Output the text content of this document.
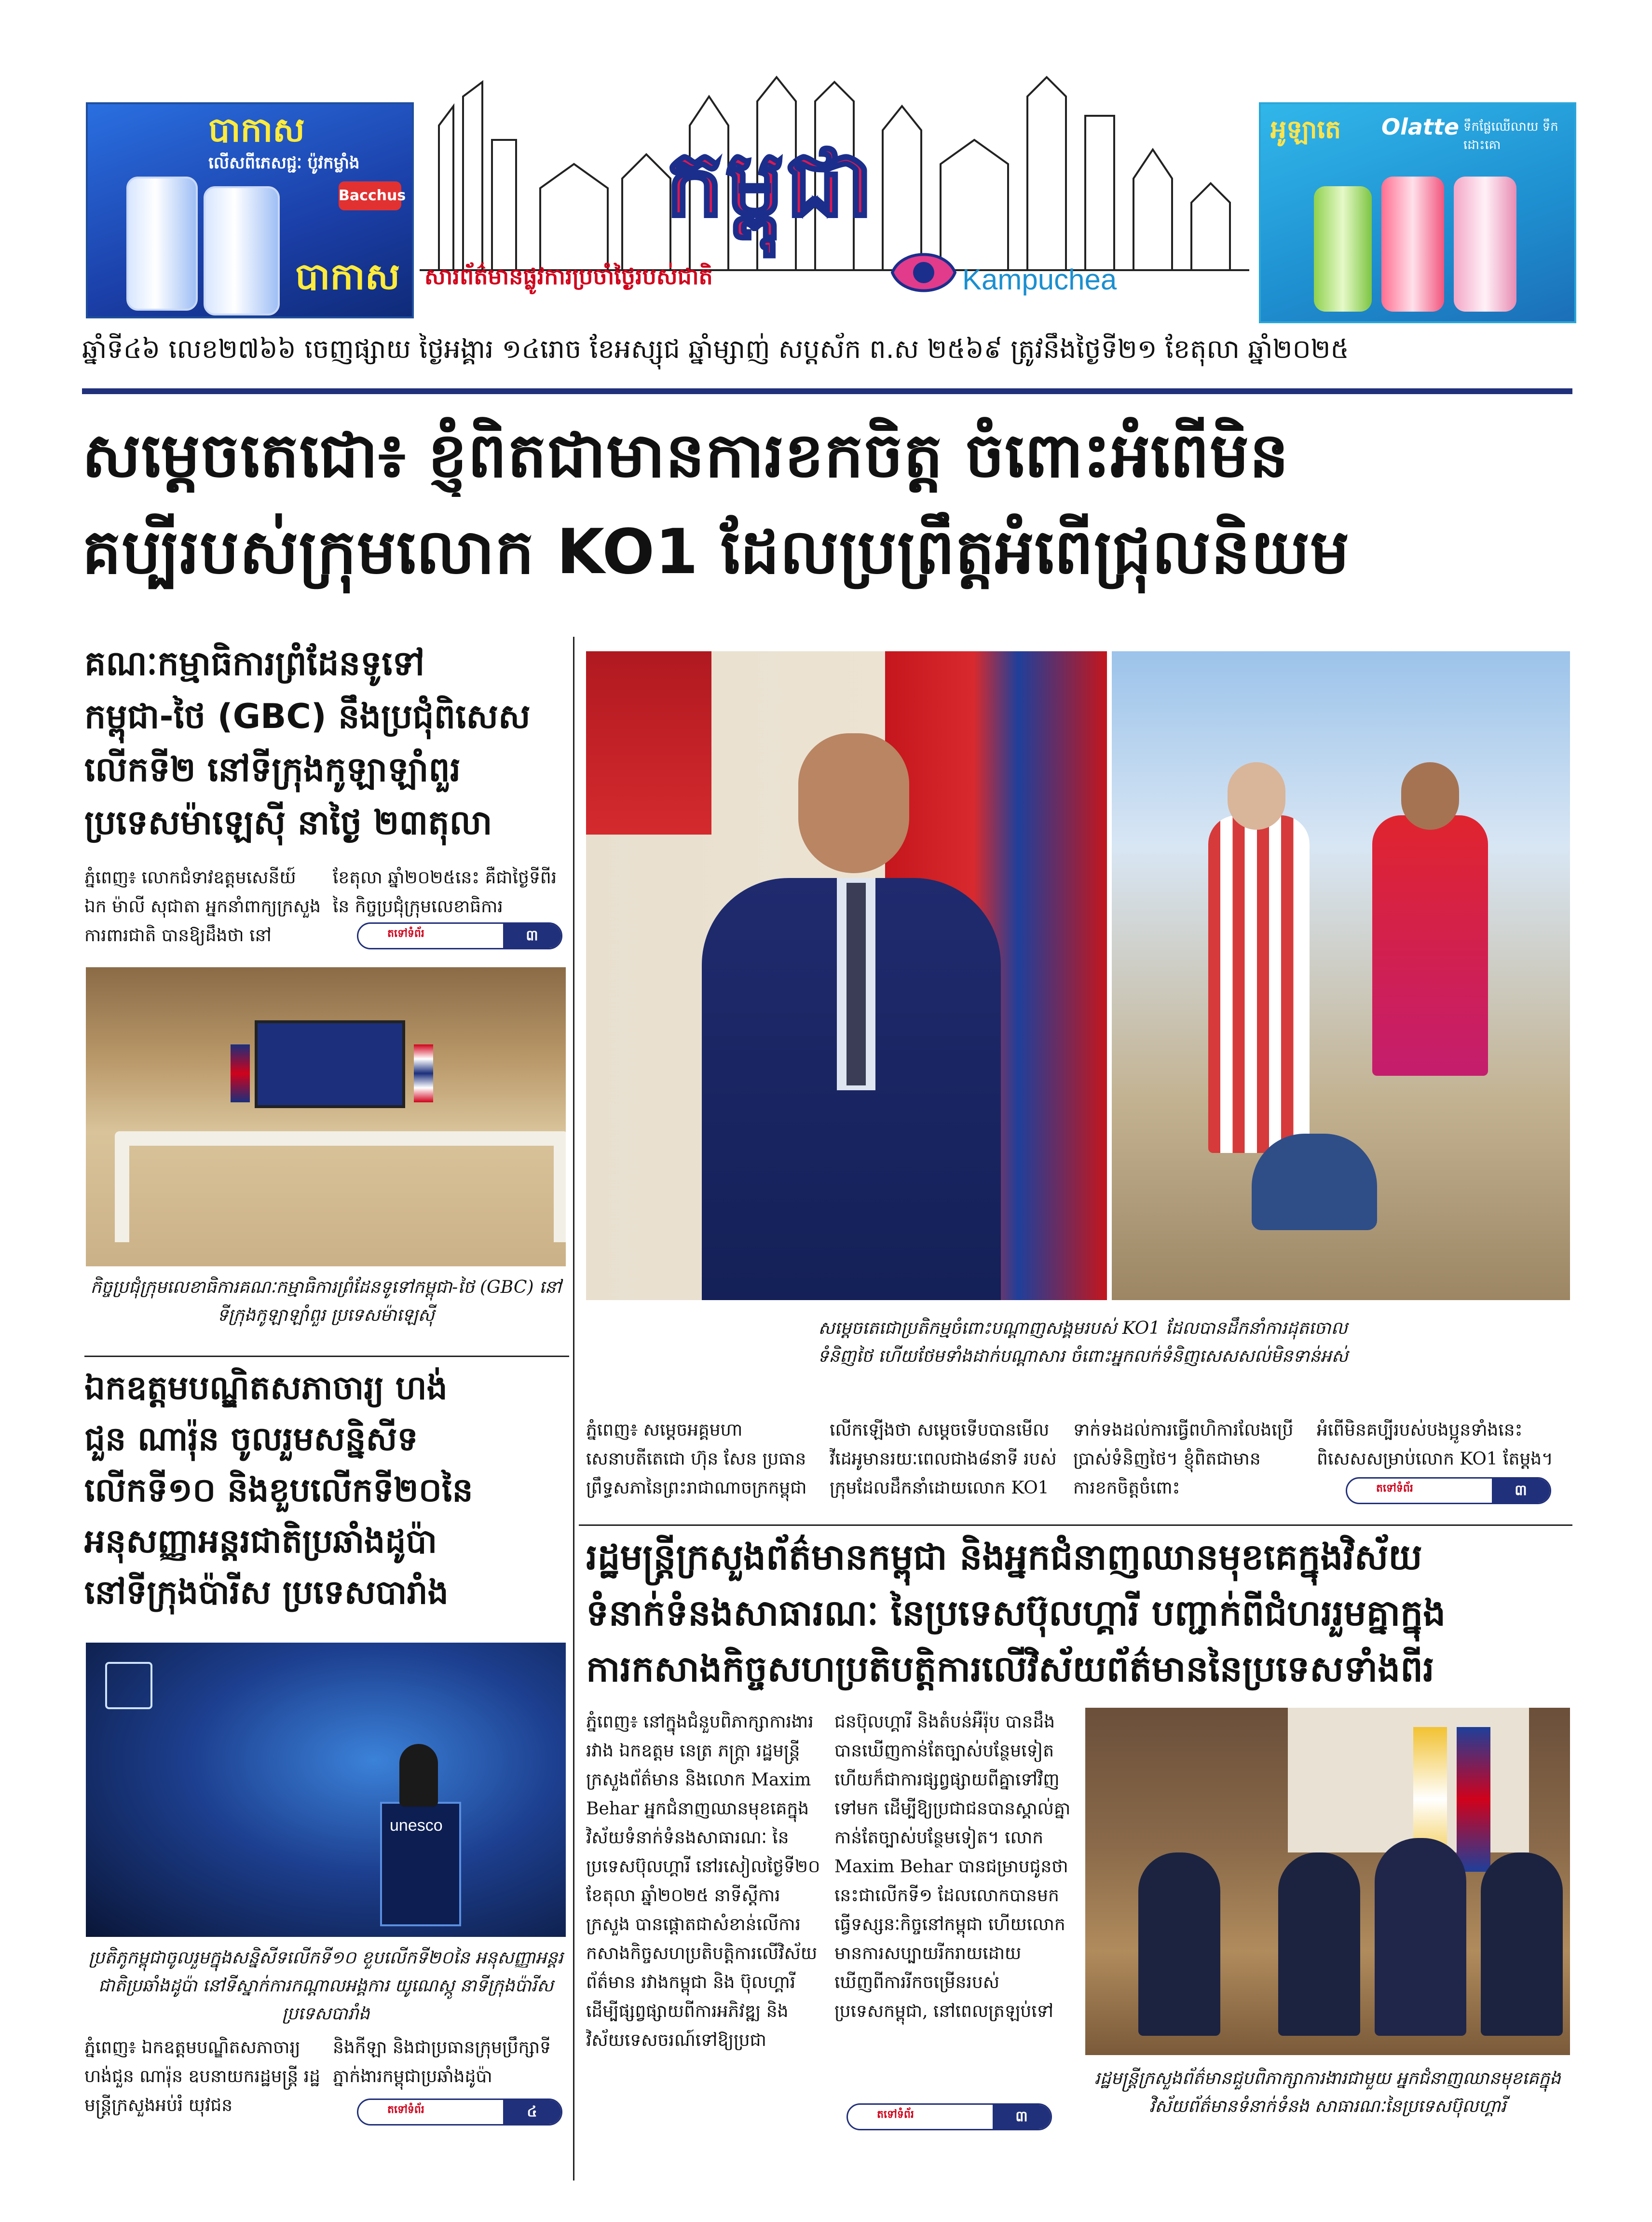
បាកាស
លើសពីភេសជ្ជៈ ប៉ូវកម្លាំង
Bacchus
បាកាស
កម្ពុជា
សារព័ត៌មានផ្លូវការប្រចាំថ្ងៃរបស់ជាតិ	Kampuchea
អូឡាតេ Olatte ទឹកផ្លែឈើលាយ ទឹកដោះគោ
ឆ្នាំទី៤៦ លេខ២៧៦៦ ចេញផ្សាយ ថ្ងៃអង្គារ ១៤រោច ខែអស្សុជ ឆ្នាំម្សាញ់ សប្តស័ក ព.ស ២៥៦៩ ត្រូវនឹងថ្ងៃទី២១ ខែតុលា ឆ្នាំ២០២៥
សម្តេចតេជោ៖ ខ្ញុំពិតជាមានការខកចិត្ត ចំពោះអំពើមិន
គប្បីរបស់ក្រុមលោក KO1 ដែលប្រព្រឹត្តអំពើជ្រុលនិយម
គណៈកម្មាធិការព្រំដែនទូទៅ
កម្ពុជា-ថៃ (GBC) នឹងប្រជុំពិសេស
លើកទី២ នៅទីក្រុងកូឡាឡាំពួរ
ប្រទេសម៉ាឡេស៊ី នាថ្ងៃ ២៣តុលា
ភ្នំពេញ៖ លោកជំទាវឧត្តមសេនីយ៍ ឯក ម៉ាលី សុជាតា អ្នកនាំពាក្យក្រសួងការពារជាតិ បានឱ្យដឹងថា នៅ
ខែតុលា ឆ្នាំ២០២៥នេះ គឺជាថ្ងៃទីពីរ នៃ កិច្ចប្រជុំក្រុមលេខាធិការ
តទៅទំព័រ	៣
កិច្ចប្រជុំក្រុមលេខាធិការគណៈកម្មាធិការព្រំដែនទូទៅកម្ពុជា-ថៃ (GBC) នៅទីក្រុងកូឡាឡាំពួរ ប្រទេសម៉ាឡេស៊ី
ឯកឧត្តមបណ្ឌិតសភាចារ្យ ហង់
ជួន ណារ៉ុន ចូលរួមសន្និសីទ
លើកទី១០ និងខួបលើកទី២០នៃ
អនុសញ្ញាអន្តរជាតិប្រឆាំងដូប៉ា
នៅទីក្រុងប៉ារីស ប្រទេសបារាំង
unesco
ប្រតិភូកម្ពុជាចូលរួមក្នុងសន្និសីទលើកទី១០ ខួបលើកទី២០នៃ អនុសញ្ញាអន្តរជាតិប្រឆាំងដូប៉ា នៅទីស្នាក់ការកណ្តាលអង្គការ យូណេស្កូ នាទីក្រុងប៉ារីស ប្រទេសបារាំង
ភ្នំពេញ៖ ឯកឧត្តមបណ្ឌិតសភាចារ្យ ហង់ជួន ណារ៉ុន ឧបនាយករដ្ឋមន្ត្រី រដ្ឋមន្ត្រីក្រសួងអប់រំ យុវជន
និងកីឡា និងជាប្រធានក្រុមប្រឹក្សាទីភ្នាក់ងារកម្ពុជាប្រឆាំងដូប៉ា
តទៅទំព័រ	៤
សម្តេចតេជោប្រតិកម្មចំពោះបណ្តាញសង្គមរបស់ KO1 ដែលបានដឹកនាំការដុតចោលទំនិញថៃ ហើយថែមទាំងដាក់បណ្តាសារ ចំពោះអ្នកលក់ទំនិញសេសសល់មិនទាន់អស់
ភ្នំពេញ៖ សម្តេចអគ្គមហាសេនាបតីតេជោ ហ៊ុន សែន ប្រធានព្រឹទ្ធសភានៃព្រះរាជាណាចក្រកម្ពុជា
លើកឡើងថា សម្តេចទើបបានមើលវីដេអូមានរយៈពេលជាង៨នាទី របស់ក្រុមដែលដឹកនាំដោយលោក KO1
ទាក់ទងដល់ការធ្វើពហិការលែងប្រើប្រាស់ទំនិញថៃ។ ខ្ញុំពិតជាមានការខកចិត្តចំពោះ
អំពើមិនគប្បីរបស់បងប្អូនទាំងនេះ ពិសេសសម្រាប់លោក KO1 តែម្តង។
តទៅទំព័រ	៣
រដ្ឋមន្ត្រីក្រសួងព័ត៌មានកម្ពុជា និងអ្នកជំនាញឈានមុខគេក្នុងវិស័យ
ទំនាក់ទំនងសាធារណៈ នៃប្រទេសប៊ុលហ្គារី បញ្ជាក់ពីជំហររួមគ្នាក្នុង
ការកសាងកិច្ចសហប្រតិបត្តិការលើវិស័យព័ត៌មាននៃប្រទេសទាំងពីរ
ភ្នំពេញ៖ នៅក្នុងជំនួបពិភាក្សាការងាររវាង ឯកឧត្តម នេត្រ ភក្ត្រា រដ្ឋមន្ត្រីក្រសួងព័ត៌មាន និងលោក Maxim Behar អ្នកជំនាញឈានមុខគេក្នុងវិស័យទំនាក់ទំនងសាធារណៈ នៃប្រទេសប៊ុលហ្គារី នៅរសៀលថ្ងៃទី២០ ខែតុលា ឆ្នាំ២០២៥ នាទីស្តីការក្រសួង បានផ្តោតជាសំខាន់លើការកសាងកិច្ចសហប្រតិបត្តិការលើវិស័យព័ត៌មាន រវាងកម្ពុជា និង ប៊ុលហ្គារី ដើម្បីផ្សព្វផ្សាយពីការអភិវឌ្ឍ និងវិស័យទេសចរណ៍ទៅឱ្យប្រជា
ជនប៊ុលហ្គារី និងតំបន់អឺរ៉ុប បានដឹង បានឃើញកាន់តែច្បាស់បន្ថែមទៀត ហើយក៏ជាការផ្សព្វផ្សាយពីគ្នាទៅវិញទៅមក ដើម្បីឱ្យប្រជាជនបានស្គាល់គ្នាកាន់តែច្បាស់បន្ថែមទៀត។ លោក Maxim Behar បានជម្រាបជូនថា នេះជាលើកទី១ ដែលលោកបានមកធ្វើទស្សនៈកិច្ចនៅកម្ពុជា ហើយលោកមានការសប្បាយរីករាយដោយឃើញពីការរីកចម្រើនរបស់ប្រទេសកម្ពុជា, នៅពេលត្រឡប់ទៅ
តទៅទំព័រ	៣
រដ្ឋមន្ត្រីក្រសួងព័ត៌មានជួបពិភាក្សាការងារជាមួយ អ្នកជំនាញឈានមុខគេក្នុងវិស័យព័ត៌មានទំនាក់ទំនង សាធារណៈនៃប្រទេសប៊ុលហ្គារី
